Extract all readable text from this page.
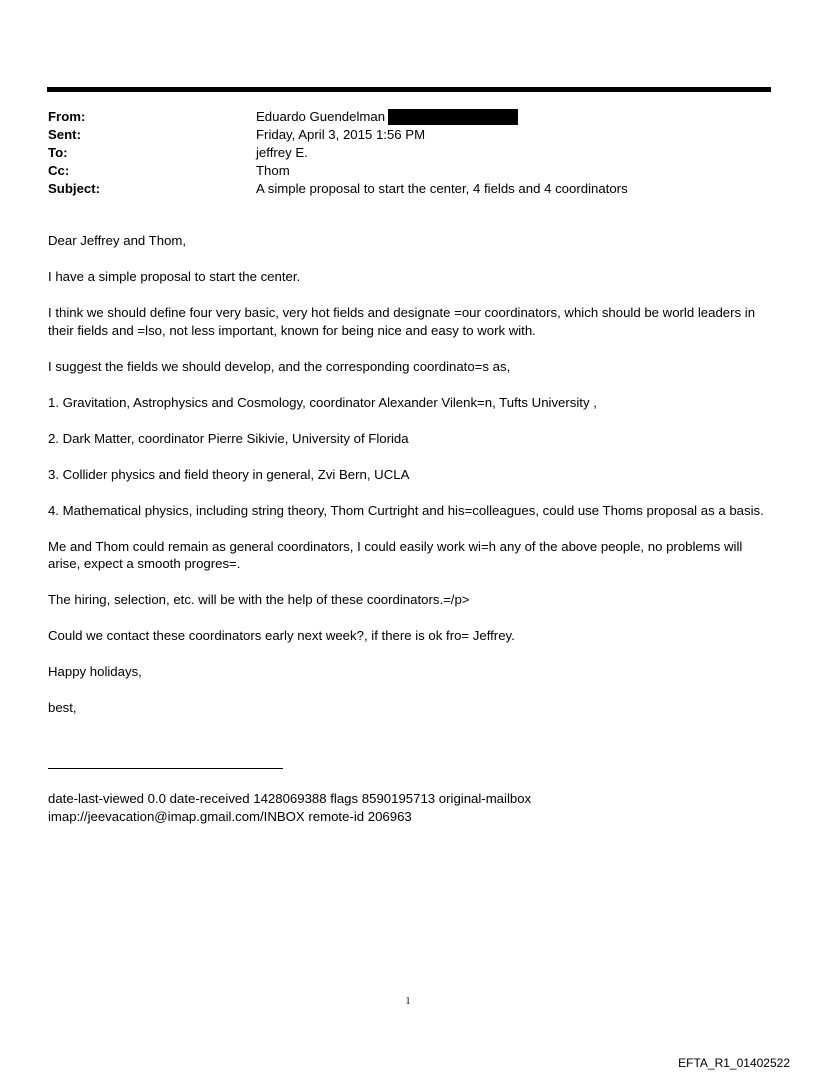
From:	Eduardo Guendelman
Sent:	Friday, April 3, 2015 1:56 PM
To:	jeffrey E.
Cc:	Thom
Subject:	A simple proposal to start the center, 4 fields and 4 coordinators

Dear Jeffrey and Thom,

I have a simple proposal to start the center.

I think we should define four very basic, very hot fields and designate =our coordinators, which should be world leaders in their fields and =lso, not less important, known for being nice and easy to work with.

I suggest the fields we should develop, and the corresponding coordinato=s as,

1. Gravitation, Astrophysics and Cosmology, coordinator Alexander Vilenk=n, Tufts University ,

2. Dark Matter, coordinator Pierre Sikivie, University of Florida

3. Collider physics and field theory in general, Zvi Bern, UCLA

4. Mathematical physics, including string theory, Thom Curtright and his=colleagues, could use Thoms proposal as a basis.

Me and Thom could remain as general coordinators, I could easily work wi=h any of the above people, no problems will arise, expect a smooth progres=.

The hiring, selection, etc. will be with the help of these coordinators.=/p>

Could we contact these coordinators early next week?, if there is ok fro= Jeffrey.

Happy holidays,

best,

date-last-viewed 0.0 date-received 1428069388 flags 8590195713 original-mailbox
imap://jeevacation@imap.gmail.com/INBOX remote-id 206963
1
EFTA_R1_01402522
